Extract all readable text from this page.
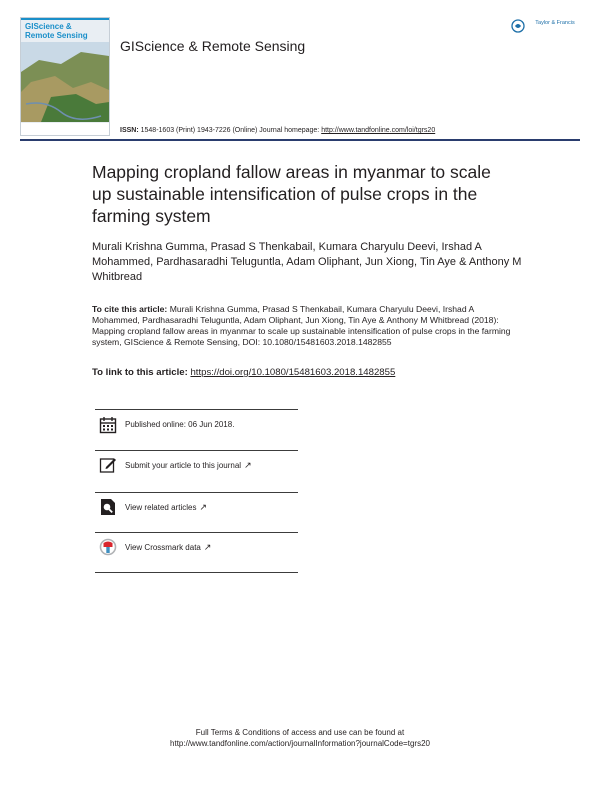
GIScience & Remote Sensing
GIScience & Remote Sensing
Taylor & Francis
ISSN: 1548-1603 (Print) 1943-7226 (Online) Journal homepage: http://www.tandfonline.com/loi/tgrs20
Mapping cropland fallow areas in myanmar to scale up sustainable intensification of pulse crops in the farming system
Murali Krishna Gumma, Prasad S Thenkabail, Kumara Charyulu Deevi, Irshad A Mohammed, Pardhasaradhi Teluguntla, Adam Oliphant, Jun Xiong, Tin Aye & Anthony M Whitbread
To cite this article: Murali Krishna Gumma, Prasad S Thenkabail, Kumara Charyulu Deevi, Irshad A Mohammed, Pardhasaradhi Teluguntla, Adam Oliphant, Jun Xiong, Tin Aye & Anthony M Whitbread (2018): Mapping cropland fallow areas in myanmar to scale up sustainable intensification of pulse crops in the farming system, GIScience & Remote Sensing, DOI: 10.1080/15481603.2018.1482855
To link to this article: https://doi.org/10.1080/15481603.2018.1482855
Published online: 06 Jun 2018.
Submit your article to this journal ↗
View related articles ↗
View Crossmark data ↗
Full Terms & Conditions of access and use can be found at
http://www.tandfonline.com/action/journalInformation?journalCode=tgrs20
